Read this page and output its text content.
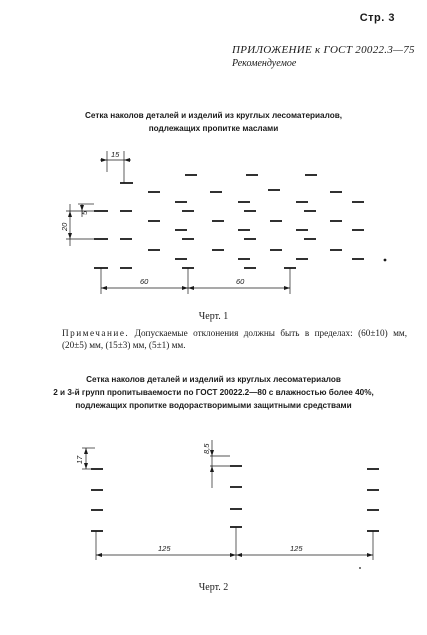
Стр. 3
ПРИЛОЖЕНИЕ к ГОСТ 20022.3—75
Рекомендуемое
Сетка наколов деталей и изделий из круглых лесоматериалов,
подлежащих пропитке маслами
15
20
5
60	60
Черт. 1
Примечание. Допускаемые отклонения должны быть в пределах: (60±10) мм, (20±5) мм, (15±3) мм, (5±1) мм.
Сетка наколов деталей и изделий из круглых лесоматериалов
2 и 3-й групп пропитываемости по ГОСТ 20022.2—80 с влажностью более 40%,
подлежащих пропитке водорастворимыми защитными средствами
8,5
17
125	125
Черт. 2
